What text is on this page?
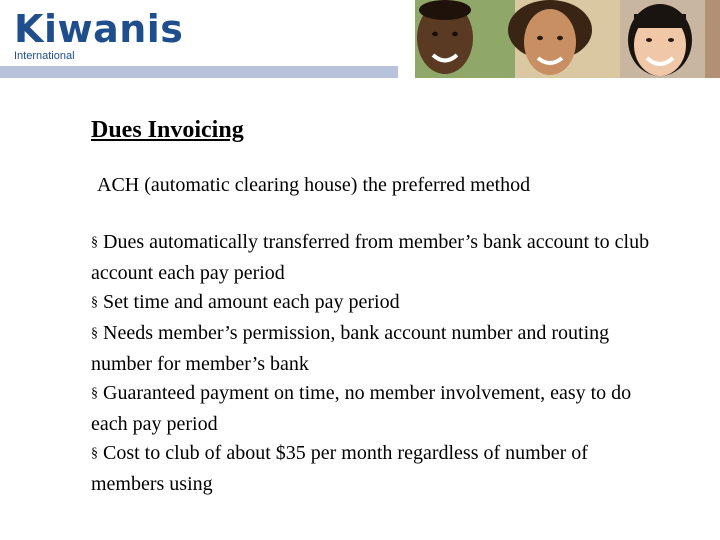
Kiwanis
International
Dues Invoicing

ACH (automatic clearing house) the preferred method

§ Dues automatically transferred from member’s bank account to club account each pay period
§ Set time and amount each pay period
§ Needs member’s permission, bank account number and routing number for member’s bank
§ Guaranteed payment on time, no member involvement, easy to do each pay period
§ Cost to club of about $35 per month regardless of number of members using
